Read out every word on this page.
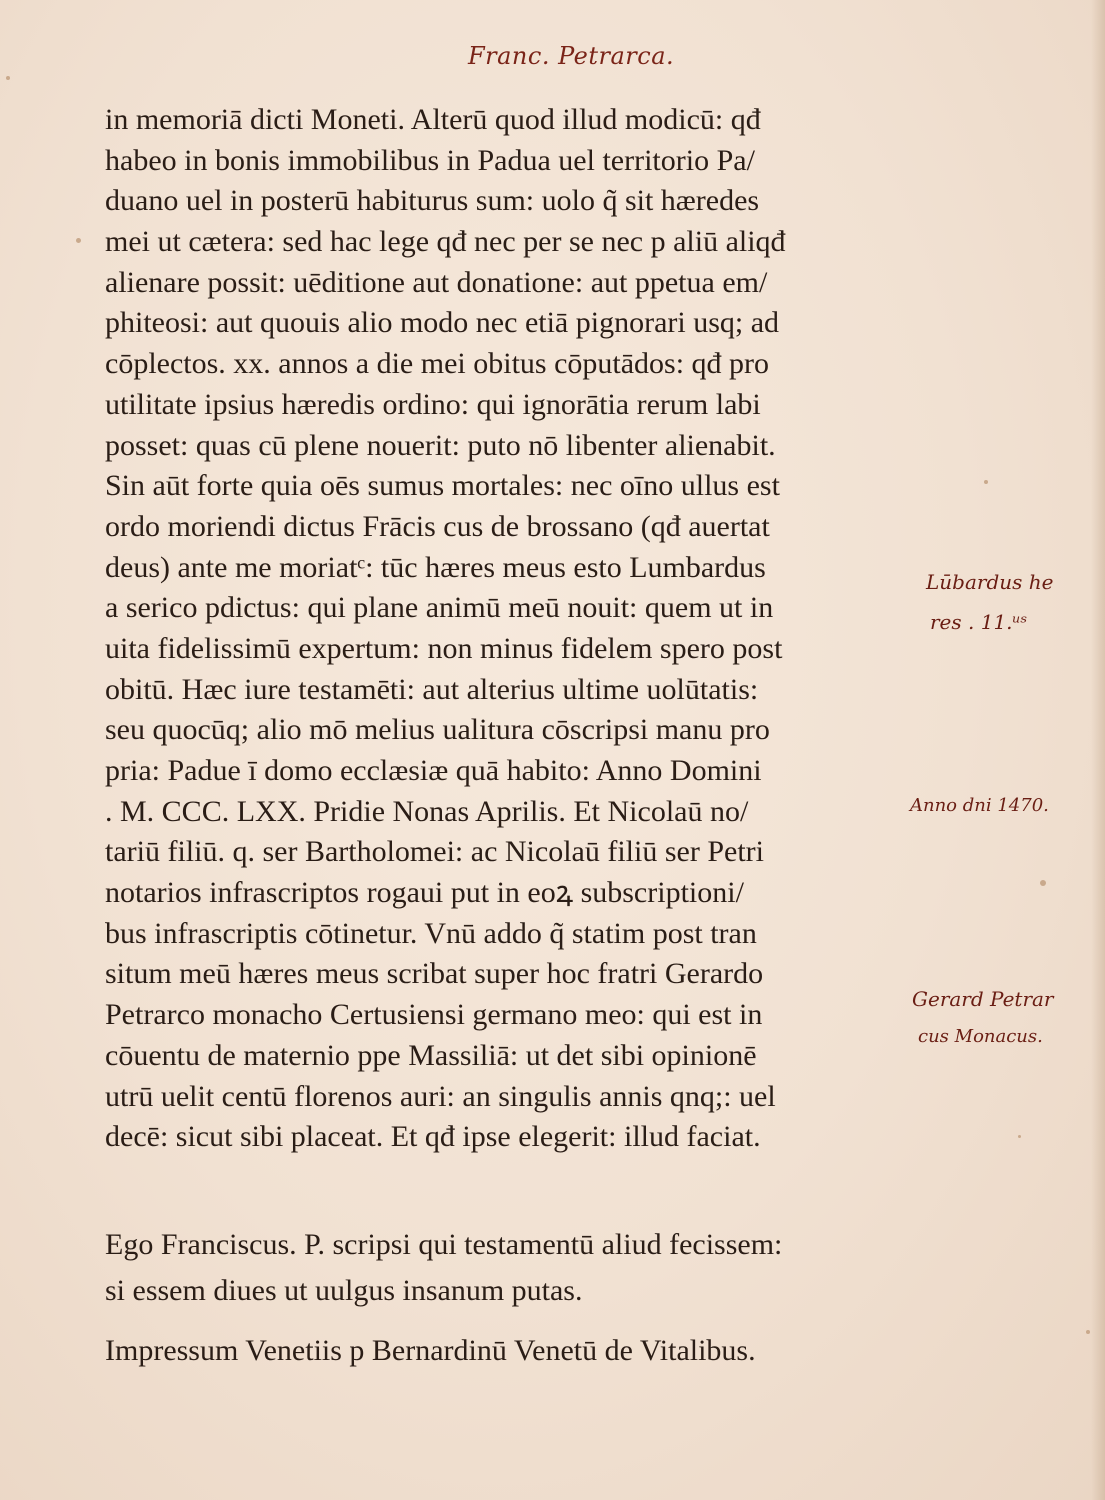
Franc. Petrarca.
in memoriā dicti Moneti. Alterū quod illud modicū: qđ
habeo in bonis immobilibus in Padua uel territorio Pa/
duano uel in posterū habiturus sum: uolo q̃ sit hæredes
mei ut cætera: sed hac lege qđ nec per se nec p aliū aliqđ
alienare possit: uēditione aut donatione: aut ppetua em/
phiteosi: aut quouis alio modo nec etiā pignorari usq; ad
cōplectos. xx. annos a die mei obitus cōputādos: qđ pro
utilitate ipsius hæredis ordino: qui ignorātia rerum labi
posset: quas cū plene nouerit: puto nō libenter alienabit.
Sin aūt forte quia oēs sumus mortales: nec oīno ullus est
ordo moriendi dictus Frācis cus de brossano (qđ auertat
deus) ante me moriatᶜ: tūc hæres meus esto Lumbardus
a serico pdictus: qui plane animū meū nouit: quem ut in
uita fidelissimū expertum: non minus fidelem spero post
obitū. Hæc iure testamēti: aut alterius ultime uolūtatis:
seu quocūq; alio mō melius ualitura cōscripsi manu pro
pria: Padue ī domo ecclæsiæ quā habito: Anno Domini
. M. CCC. LXX. Pridie Nonas Aprilis. Et Nicolaū no/
tariū filiū. q. ser Bartholomei: ac Nicolaū filiū ser Petri
notarios infrascriptos rogaui put in eoꝝ subscriptioni/
bus infrascriptis cōtinetur. Vnū addo q̃ statim post tran
situm meū hæres meus scribat super hoc fratri Gerardo
Petrarco monacho Certusiensi germano meo: qui est in
cōuentu de maternio ppe Massiliā: ut det sibi opinionē
utrū uelit centū florenos auri: an singulis annis qnq;: uel
decē: sicut sibi placeat. Et qđ ipse elegerit: illud faciat.
Ego Franciscus. P. scripsi qui testamentū aliud fecissem:
si essem diues ut uulgus insanum putas.
Impressum Venetiis p Bernardinū Venetū de Vitalibus.
Lūbardus he
res . 11.ᵘˢ
Anno dni 1470.
Gerard Petrar
cus Monacus.
